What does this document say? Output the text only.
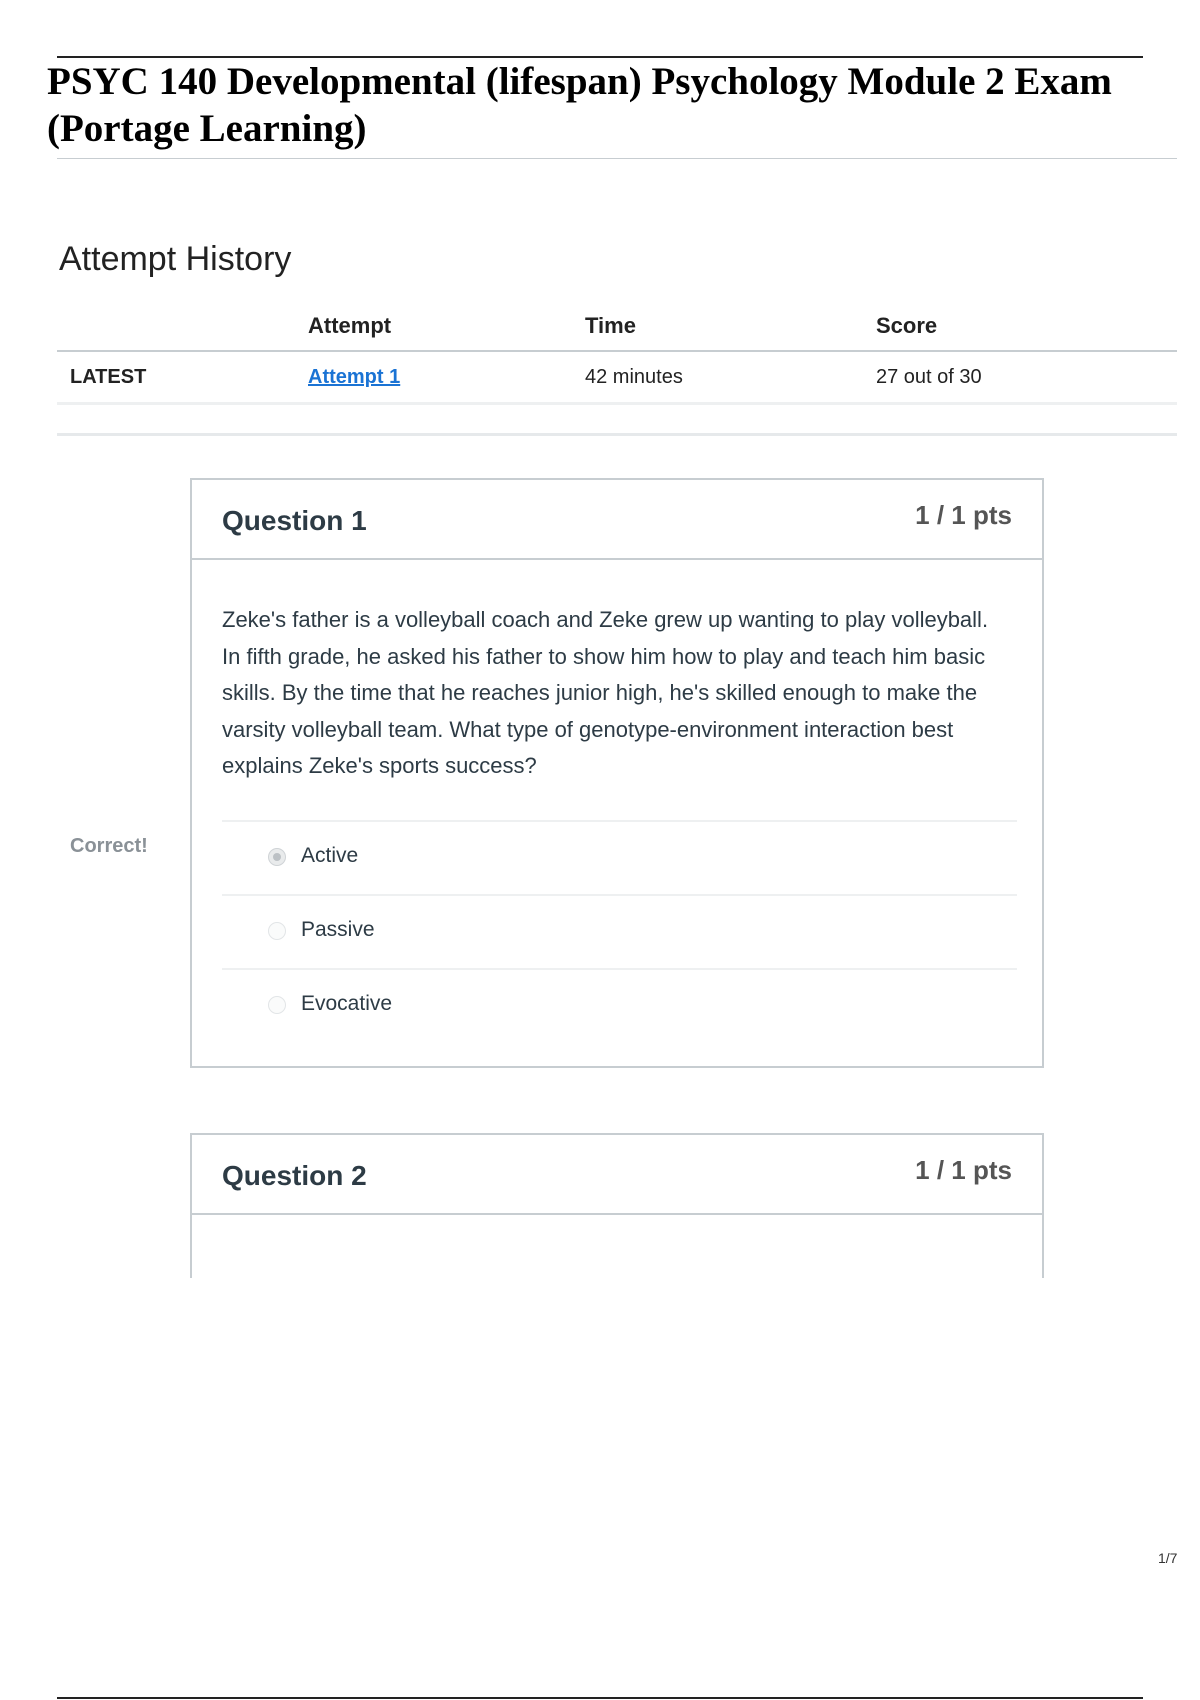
PSYC 140 Developmental (lifespan) Psychology Module 2 Exam (Portage Learning)
Attempt History
	Attempt	Time	Score
LATEST	Attempt 1	42 minutes	27 out of 30
Correct!
Question 1	1 / 1 pts

Zeke's father is a volleyball coach and Zeke grew up wanting to play volleyball. In fifth grade, he asked his father to show him how to play and teach him basic skills. By the time that he reaches junior high, he's skilled enough to make the varsity volleyball team. What type of genotype-environment interaction best explains Zeke's sports success?

Active
Passive
Evocative
Question 2	1 / 1 pts
1/7
